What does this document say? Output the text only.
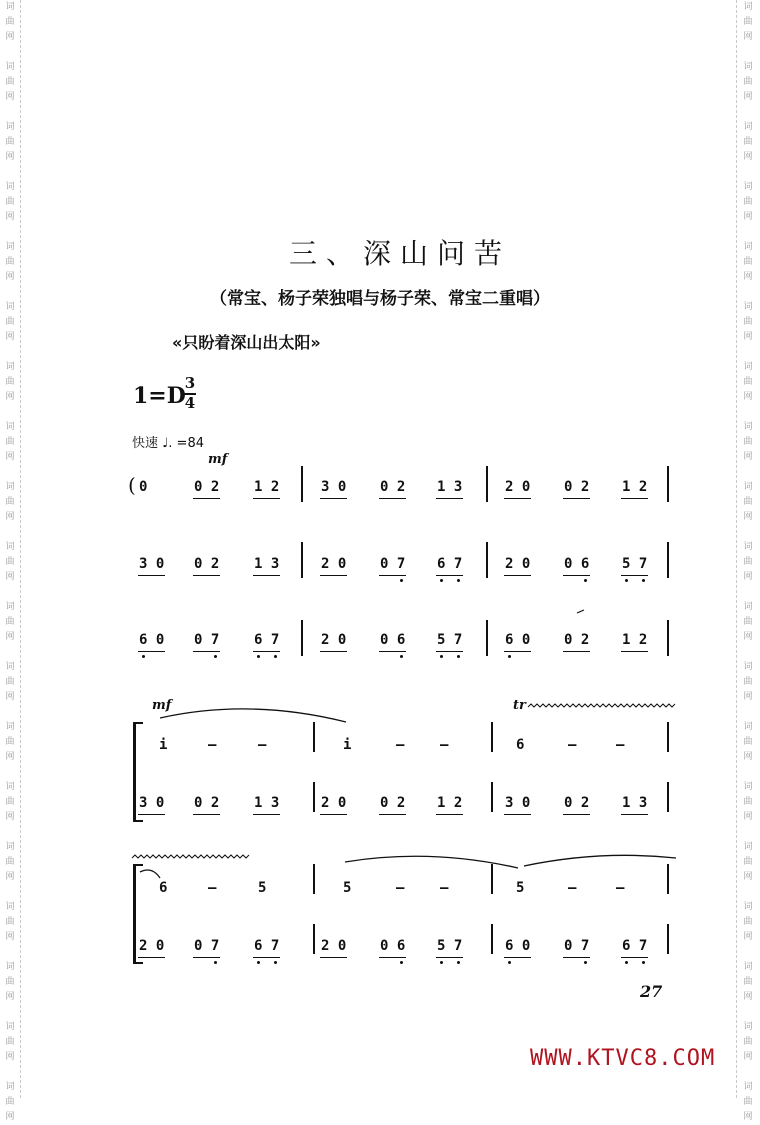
词
曲
网
词
曲
网
词
曲
网
词
曲
网
词
曲
网
词
曲
网
词
曲
网
词
曲
网
词
曲
网
词
曲
网
词
曲
网
词
曲
网
词
曲
网
词
曲
网
词
曲
网
词
曲
网
词
曲
网
词
曲
网
词
曲
网
词
曲
网
词
曲
网
词
曲
网
词
曲
网
词
曲
网
词
曲
网
词
曲
网
词
曲
网
词
曲
网
词
曲
网
词
曲
网
词
曲
网
词
曲
网
词
曲
网
词
曲
网
词
曲
网
词
曲
网
词
曲
网
词
曲
网
三、深山问苦
（常宝、杨子荣独唱与杨子荣、常宝二重唱）
«只盼着深山出太阳»
1=D
3
4
快速 ♩. =84
mf
mf	tr
( 0	0 2 1 2	3 0 0 2 1 3	2 0 0 2 1 2
3 0 0 2 1 3	2 0 0 7 6 7	2 0 0 6 5 7
6 0 0 7 6 7	2 0 0 6 5 7	6 0 0 2 1 2
i	–	–	i	–	–	6	–	–
3 0 0 2 1 3	2 0 0 2 1 2	3 0 0 2 1 3
6	–	5	5	–	–	5	–	–
2 0 0 7 6 7	2 0 0 6 5 7	6 0 0 7 6 7
27
WWW.KTVC8.COM
